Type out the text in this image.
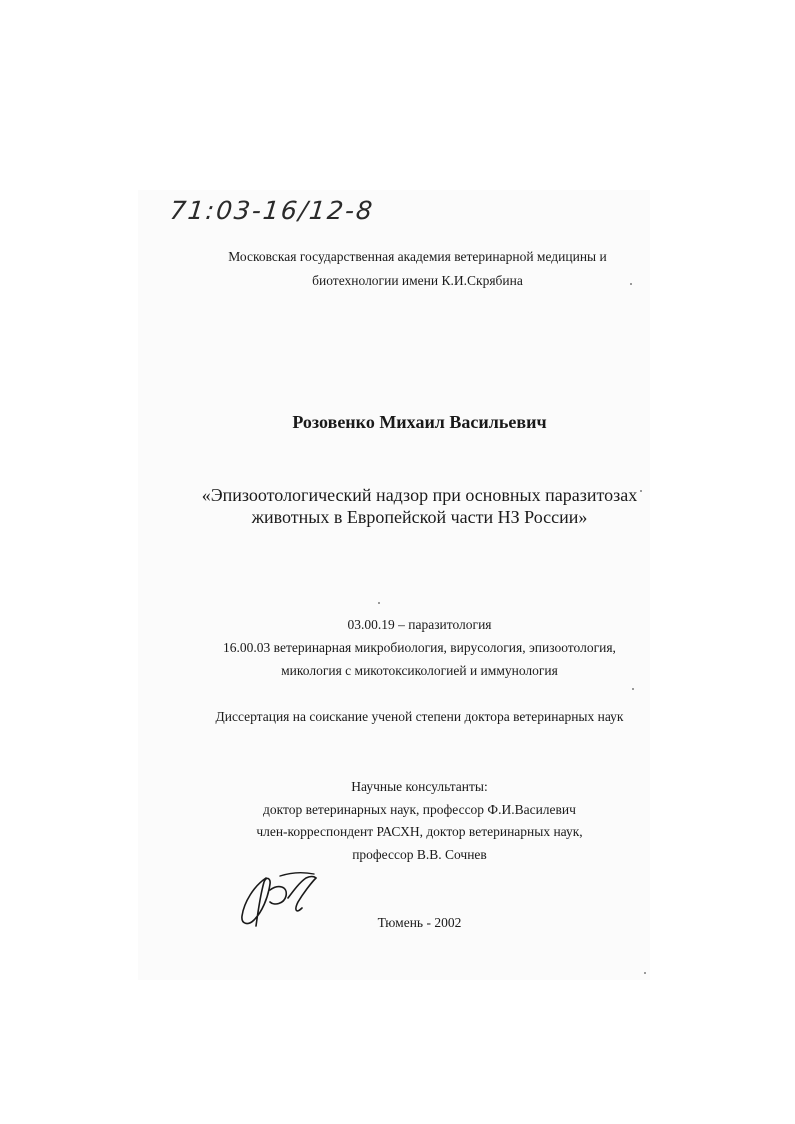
71:03-16/12-8
Московская государственная академия ветеринарной медицины и
биотехнологии имени К.И.Скрябина
Розовенко Михаил Васильевич
«Эпизоотологический надзор при основных паразитозах
животных в Европейской части НЗ России»
03.00.19 – паразитология
16.00.03 ветеринарная микробиология, вирусология, эпизоотология,
микология с микотоксикологией и иммунология
Диссертация на соискание ученой степени доктора ветеринарных наук
Научные консультанты:
доктор ветеринарных наук, профессор Ф.И.Василевич
член-корреспондент РАСХН, доктор ветеринарных наук,
профессор В.В. Сочнев
Тюмень - 2002
